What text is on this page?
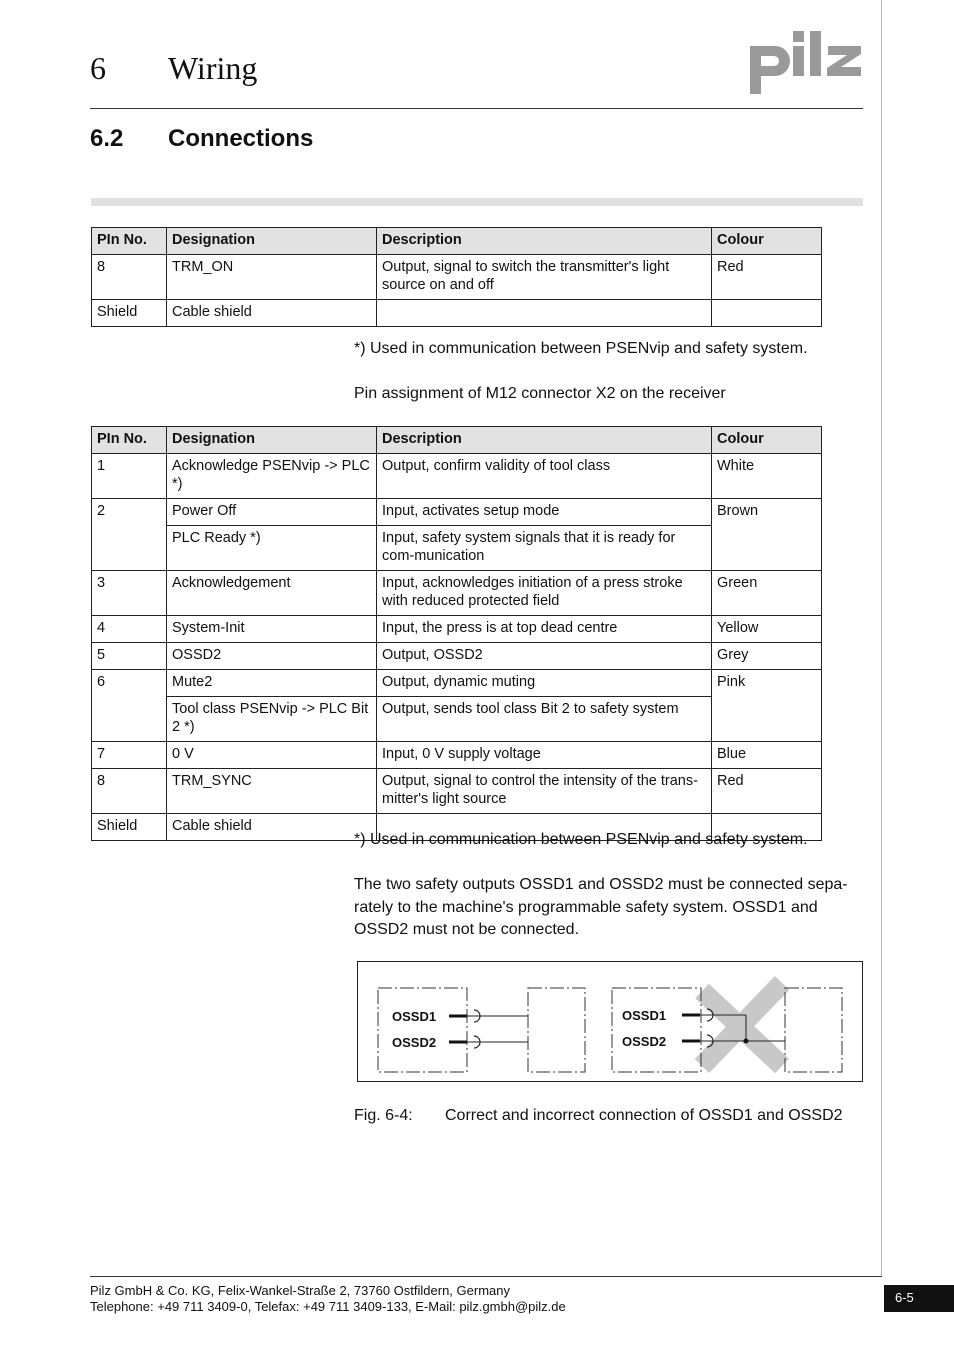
6 Wiring
6.2 Connections
PIn No.	Designation	Description	Colour
8	TRM_ON	Output, signal to switch the transmitter's light source on and off	Red
Shield	Cable shield		
*) Used in communication between PSENvip and safety system.
Pin assignment of M12 connector X2 on the receiver
PIn No.	Designation	Description	Colour
1	Acknowledge PSENvip -> PLC *)	Output, confirm validity of tool class	White
2	Power Off	Input, activates setup mode	Brown
	PLC Ready *)	Input, safety system signals that it is ready for com-munication	
3	Acknowledgement	Input, acknowledges initiation of a press stroke with reduced protected field	Green
4	System-Init	Input, the press is at top dead centre	Yellow
5	OSSD2	Output, OSSD2	Grey
6	Mute2	Output, dynamic muting	Pink
	Tool class PSENvip -> PLC Bit 2 *)	Output, sends tool class Bit 2 to safety system	
7	0 V	Input, 0 V supply voltage	Blue
8	TRM_SYNC	Output, signal to control the intensity of the trans-mitter's light source	Red
Shield	Cable shield		
*) Used in communication between PSENvip and safety system.
The two safety outputs OSSD1 and OSSD2 must be connected sepa-rately to the machine's programmable safety system. OSSD1 and OSSD2 must not be connected.
OSSD1
OSSD2
OSSD1
OSSD2
Fig. 6-4: Correct and incorrect connection of OSSD1 and OSSD2
Pilz GmbH & Co. KG, Felix-Wankel-Straße 2, 73760 Ostfildern, Germany
Telephone: +49 711 3409-0, Telefax: +49 711 3409-133, E-Mail: pilz.gmbh@pilz.de
6-5
